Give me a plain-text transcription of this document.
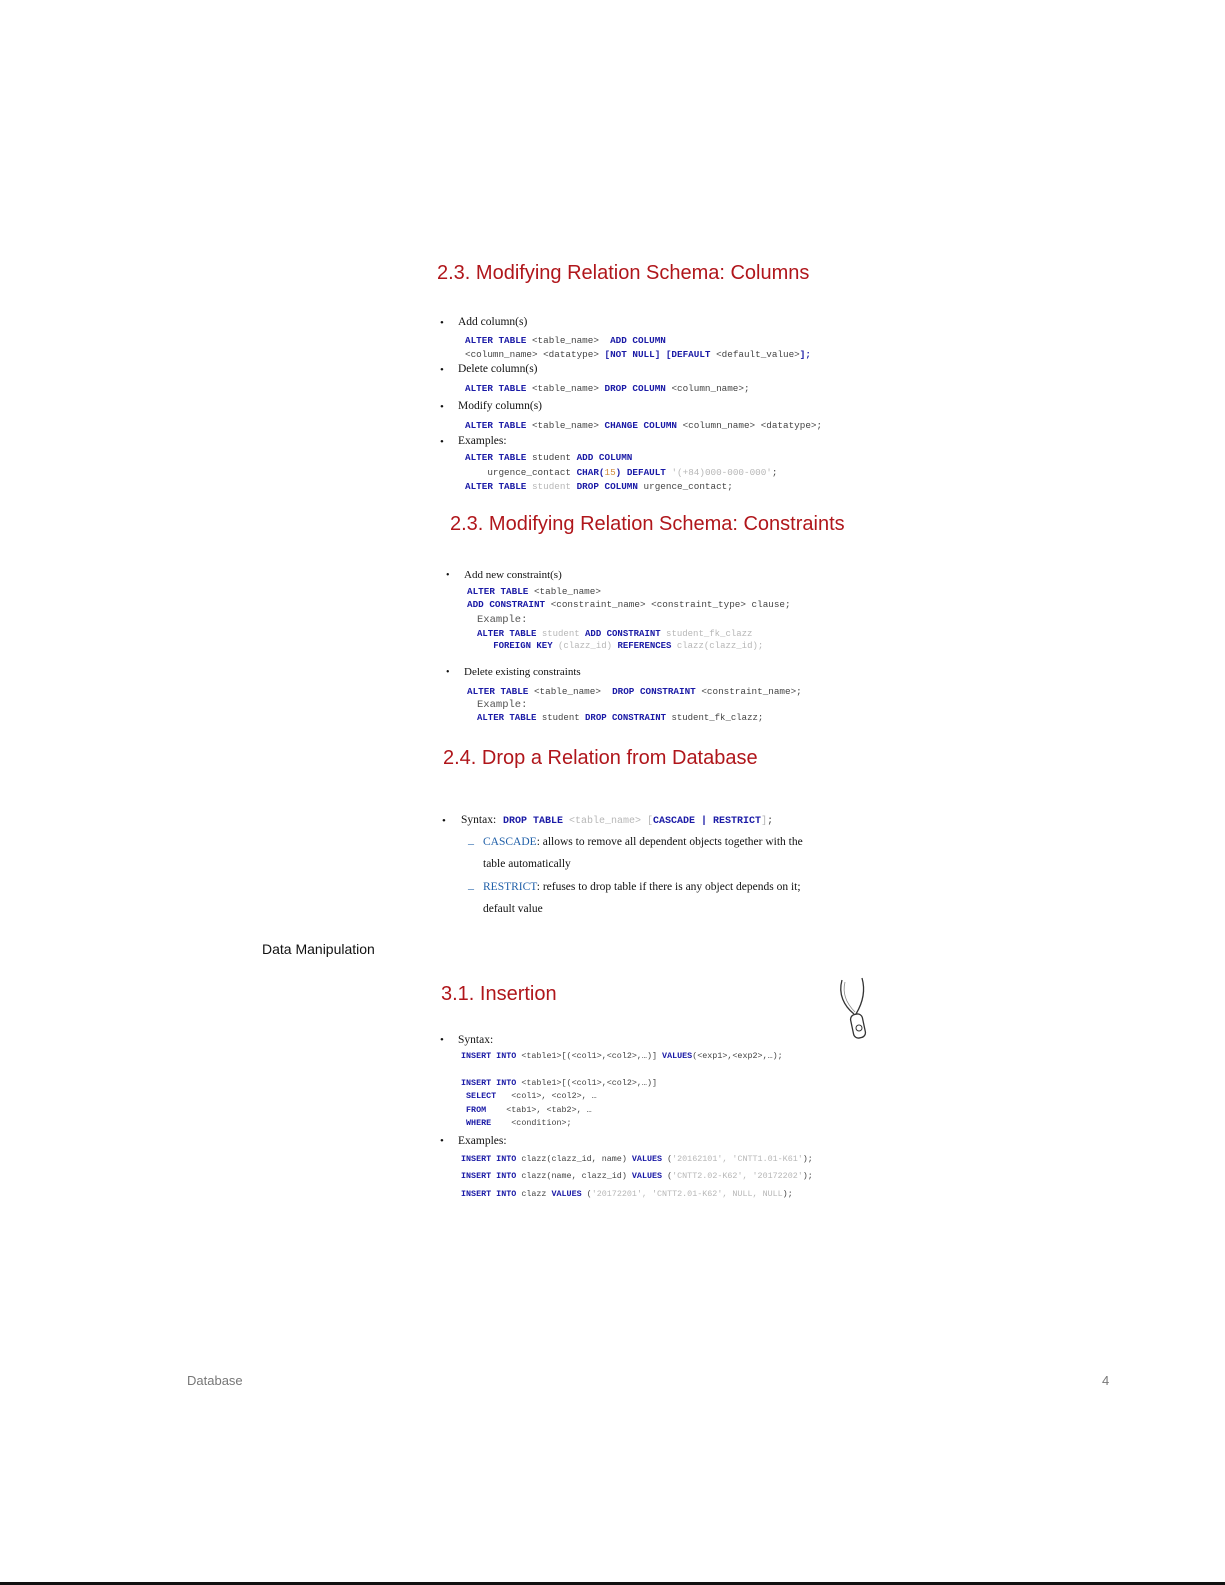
2.3. Modifying Relation Schema: Columns
• Add column(s)
ALTER TABLE <table_name>  ADD COLUMN
<column_name> <datatype> [NOT NULL] [DEFAULT <default_value>];
• Delete column(s)
ALTER TABLE <table_name> DROP COLUMN <column_name>;
• Modify column(s)
ALTER TABLE <table_name> CHANGE COLUMN <column_name> <datatype>;
• Examples:
ALTER TABLE student ADD COLUMN
urgence_contact CHAR(15) DEFAULT '(+84)000-000-000';
ALTER TABLE student DROP COLUMN urgence_contact;
2.3. Modifying Relation Schema: Constraints
• Add new constraint(s)
ALTER TABLE <table_name>
ADD CONSTRAINT <constraint_name> <constraint_type> clause;
Example:
ALTER TABLE student ADD CONSTRAINT student_fk_clazz
FOREIGN KEY (clazz_id) REFERENCES clazz(clazz_id);
• Delete existing constraints
ALTER TABLE <table_name>  DROP CONSTRAINT <constraint_name>;
Example:
ALTER TABLE student DROP CONSTRAINT student_fk_clazz;
2.4. Drop a Relation from Database
• Syntax: DROP TABLE <table_name> [CASCADE | RESTRICT];
– CASCADE: allows to remove all dependent objects together with the
table automatically
– RESTRICT: refuses to drop table if there is any object depends on it;
default value
Data Manipulation
3.1. Insertion
• Syntax:
INSERT INTO <table1>[(<col1>,<col2>,…)] VALUES(<exp1>,<exp2>,…);
INSERT INTO <table1>[(<col1>,<col2>,…)]
SELECT   <col1>, <col2>, …
FROM    <tab1>, <tab2>, …
WHERE    <condition>;
• Examples:
INSERT INTO clazz(clazz_id, name) VALUES ('20162101', 'CNTT1.01-K61');
INSERT INTO clazz(name, clazz_id) VALUES ('CNTT2.02-K62', '20172202');
INSERT INTO clazz VALUES ('20172201', 'CNTT2.01-K62', NULL, NULL);
Database	4
